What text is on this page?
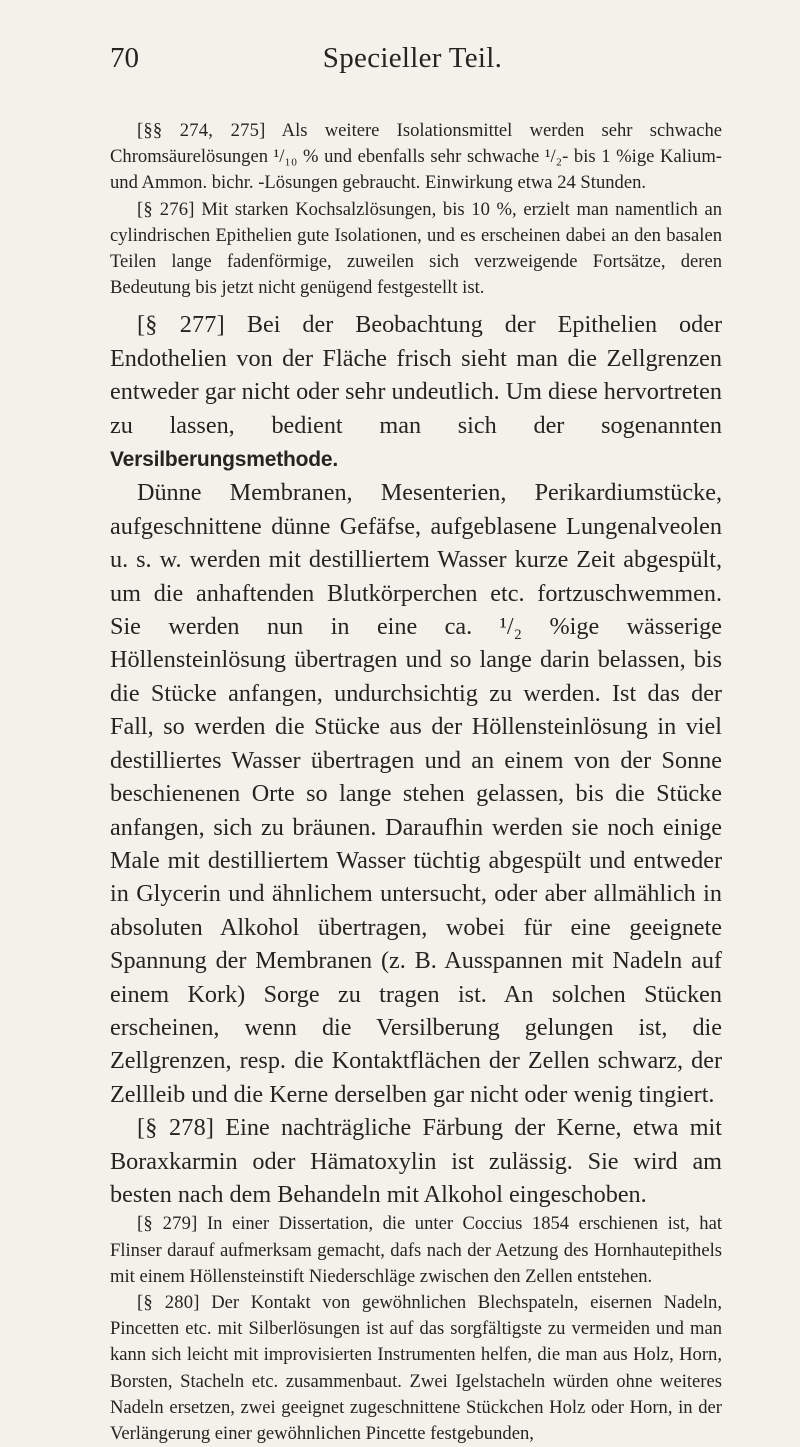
70	Specieller Teil.

[§§ 274, 275] Als weitere Isolationsmittel werden sehr schwache Chromsäurelösungen ¹/₁₀ % und ebenfalls sehr schwache ¹/₂- bis 1 %ige Kalium- und Ammon. bichr. -Lösungen gebraucht. Einwirkung etwa 24 Stunden.

[§ 276] Mit starken Kochsalzlösungen, bis 10 %, erzielt man namentlich an cylindrischen Epithelien gute Isolationen, und es erscheinen dabei an den basalen Teilen lange fadenförmige, zuweilen sich verzweigende Fortsätze, deren Bedeutung bis jetzt nicht genügend festgestellt ist.

[§ 277] Bei der Beobachtung der Epithelien oder Endothelien von der Fläche frisch sieht man die Zellgrenzen entweder gar nicht oder sehr undeutlich. Um diese hervortreten zu lassen, bedient man sich der sogenannten Versilberungsmethode.

Dünne Membranen, Mesenterien, Perikardiumstücke, aufgeschnittene dünne Gefäfse, aufgeblasene Lungenalveolen u. s. w. werden mit destilliertem Wasser kurze Zeit abgespült, um die anhaftenden Blutkörperchen etc. fortzuschwemmen. Sie werden nun in eine ca. ¹/₂ %ige wässerige Höllensteinlösung übertragen und so lange darin belassen, bis die Stücke anfangen, undurchsichtig zu werden. Ist das der Fall, so werden die Stücke aus der Höllensteinlösung in viel destilliertes Wasser übertragen und an einem von der Sonne beschienenen Orte so lange stehen gelassen, bis die Stücke anfangen, sich zu bräunen. Daraufhin werden sie noch einige Male mit destilliertem Wasser tüchtig abgespült und entweder in Glycerin und ähnlichem untersucht, oder aber allmählich in absoluten Alkohol übertragen, wobei für eine geeignete Spannung der Membranen (z. B. Ausspannen mit Nadeln auf einem Kork) Sorge zu tragen ist. An solchen Stücken erscheinen, wenn die Versilberung gelungen ist, die Zellgrenzen, resp. die Kontaktflächen der Zellen schwarz, der Zellleib und die Kerne derselben gar nicht oder wenig tingiert.

[§ 278] Eine nachträgliche Färbung der Kerne, etwa mit Boraxkarmin oder Hämatoxylin ist zulässig. Sie wird am besten nach dem Behandeln mit Alkohol eingeschoben.

[§ 279] In einer Dissertation, die unter Coccius 1854 erschienen ist, hat Flinser darauf aufmerksam gemacht, dafs nach der Aetzung des Hornhautepithels mit einem Höllensteinstift Niederschläge zwischen den Zellen entstehen.

[§ 280] Der Kontakt von gewöhnlichen Blechspateln, eisernen Nadeln, Pincetten etc. mit Silberlösungen ist auf das sorgfältigste zu vermeiden und man kann sich leicht mit improvisierten Instrumenten helfen, die man aus Holz, Horn, Borsten, Stacheln etc. zusammenbaut. Zwei Igelstacheln würden ohne weiteres Nadeln ersetzen, zwei geeignet zugeschnittene Stückchen Holz oder Horn, in der Verlängerung einer gewöhnlichen Pincette festgebunden,
